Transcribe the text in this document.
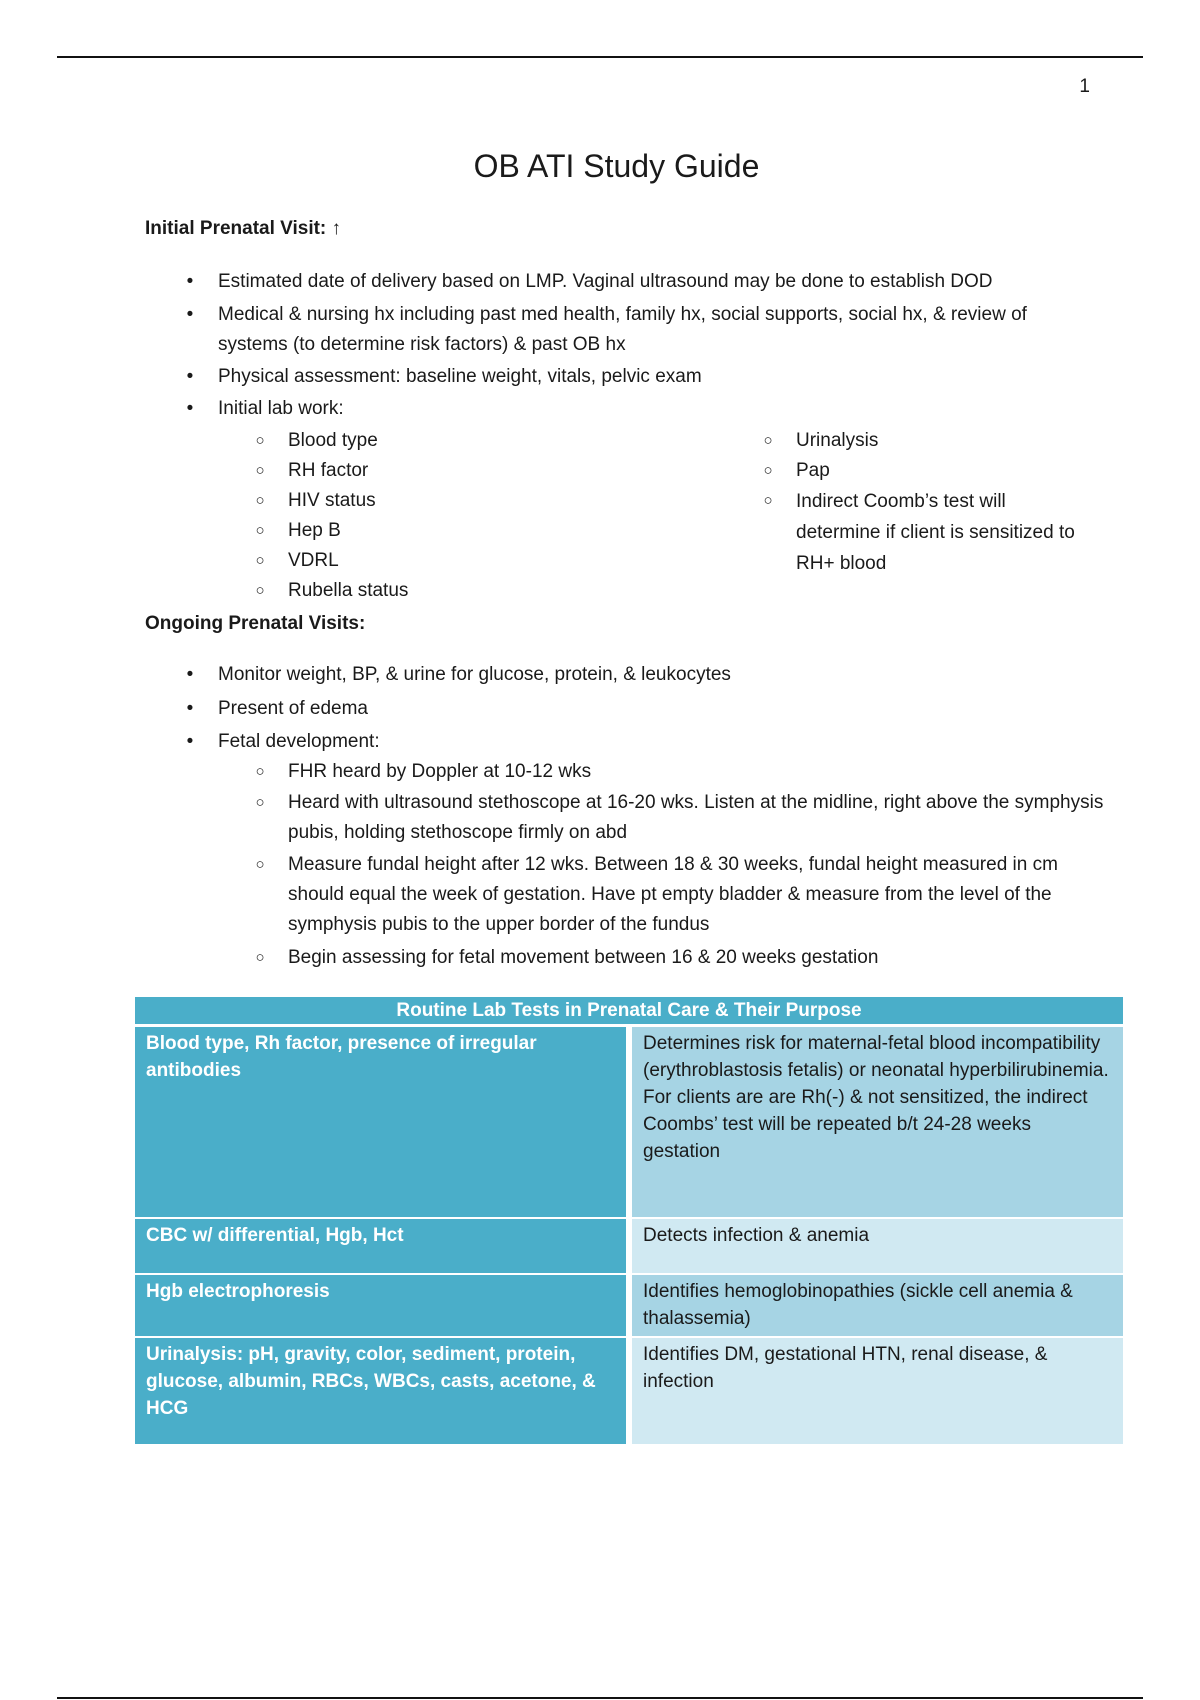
1
OB ATI Study Guide
Initial Prenatal Visit: ↑
•	Estimated date of delivery based on LMP. Vaginal ultrasound may be done to establish DOD
•	Medical & nursing hx including past med health, family hx, social supports, social hx, & review of systems (to determine risk factors) & past OB hx
•	Physical assessment: baseline weight, vitals, pelvic exam
•	Initial lab work:
○ Blood type
○ RH factor
○ HIV status
○ Hep B
○ VDRL
○ Rubella status
○ Urinalysis
○ Pap
○ Indirect Coomb’s test will determine if client is sensitized to RH+ blood
Ongoing Prenatal Visits:
•	Monitor weight, BP, & urine for glucose, protein, & leukocytes
•	Present of edema
•	Fetal development:
○ FHR heard by Doppler at 10-12 wks
○ Heard with ultrasound stethoscope at 16-20 wks. Listen at the midline, right above the symphysis pubis, holding stethoscope firmly on abd
○ Measure fundal height after 12 wks. Between 18 & 30 weeks, fundal height measured in cm should equal the week of gestation. Have pt empty bladder & measure from the level of the symphysis pubis to the upper border of the fundus
○ Begin assessing for fetal movement between 16 & 20 weeks gestation
Routine Lab Tests in Prenatal Care & Their Purpose	
Blood type, Rh factor, presence of irregular antibodies	Determines risk for maternal-fetal blood incompatibility (erythroblastosis fetalis) or neonatal hyperbilirubinemia.
For clients are are Rh(-) & not sensitized, the indirect Coombs’ test will be repeated b/t 24-28 weeks gestation

CBC w/ differential, Hgb, Hct	Detects infection & anemia
Hgb electrophoresis	Identifies hemoglobinopathies (sickle cell anemia & thalassemia)
Urinalysis: pH, gravity, color, sediment, protein, glucose, albumin, RBCs, WBCs, casts, acetone, & HCG	Identifies DM, gestational HTN, renal disease, & infection
